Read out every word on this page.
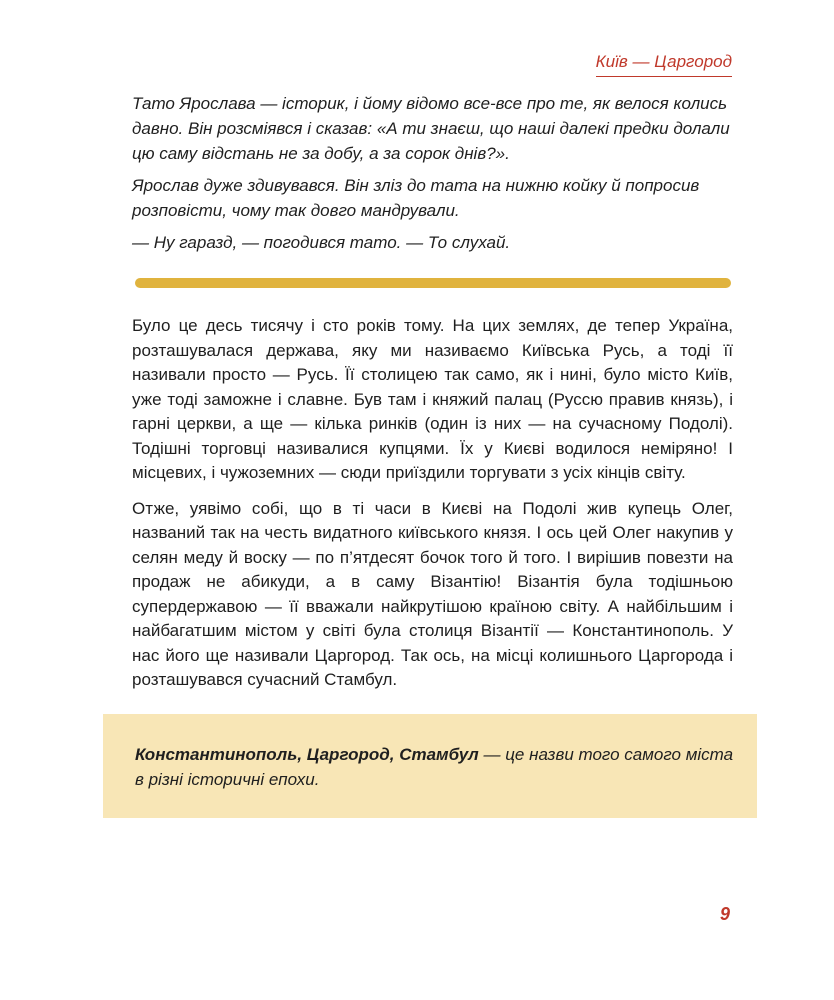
Київ — Царгород

Тато Ярослава — історик, і йому відомо все-все про те, як велося колись давно. Він розсміявся і сказав: «А ти знаєш, що наші далекі предки долали цю саму відстань не за добу, а за сорок днів?».

Ярослав дуже здивувався. Він зліз до тата на нижню койку й попросив розповісти, чому так довго мандрували.

— Ну гаразд, — погодився тато. — То слухай.

Було це десь тисячу і сто років тому. На цих землях, де тепер Україна, розташувалася держава, яку ми називаємо Київська Русь, а тоді її називали просто — Русь. Її столицею так само, як і нині, було місто Київ, уже тоді заможне і славне. Був там і княжий палац (Руссю правив князь), і гарні церкви, а ще — кілька ринків (один із них — на сучасному Подолі). Тодішні торговці називалися купцями. Їх у Києві водилося неміряно! І місцевих, і чужоземних — сюди приїздили торгувати з усіх кінців світу.

Отже, уявімо собі, що в ті часи в Києві на Подолі жив купець Олег, названий так на честь видатного київського князя. І ось цей Олег накупив у селян меду й воску — по п’ятдесят бочок того й того. І вирішив повезти на продаж не абикуди, а в саму Візантію! Візантія була тодішньою супердержавою — її вважали найкрутішою країною світу. А найбільшим і найбагатшим містом у світі була столиця Візантії — Константинополь. У нас його ще називали Царгород. Так ось, на місці колишнього Царгорода і розташувався сучасний Стамбул.

Константинополь, Царгород, Стамбул — це назви того самого міста в різні історичні епохи.

9
